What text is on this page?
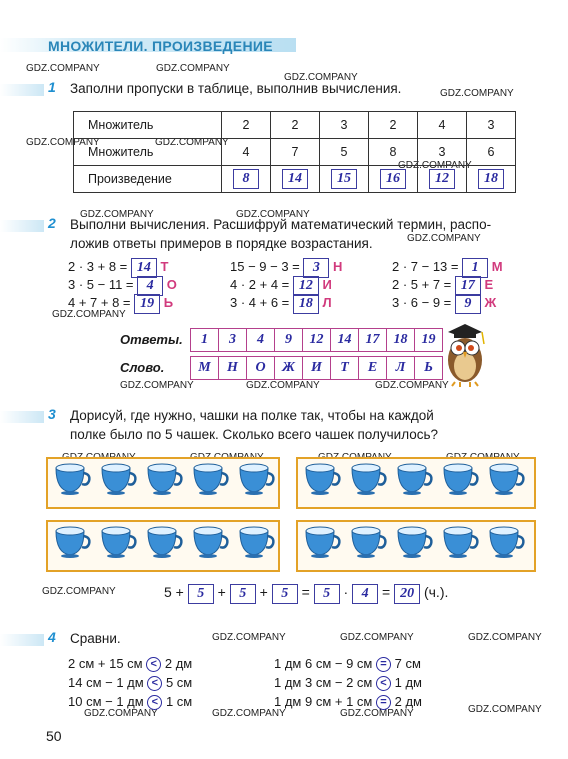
МНОЖИТЕЛИ. ПРОИЗВЕДЕНИЕ
GDZ.COMPANY	GDZ.COMPANY
GDZ.COMPANY
GDZ.COMPANY
GDZ.COMPANY	GDZ.COMPANY
GDZ.COMPANY
GDZ.COMPANY	GDZ.COMPANY
GDZ.COMPANY
GDZ.COMPANY
GDZ.COMPANY	GDZ.COMPANY	GDZ.COMPANY
GDZ.COMPANY
GDZ.COMPANY	GDZ.COMPANY	GDZ.COMPANY
GDZ.COMPANY	GDZ.COMPANY	GDZ.COMPANY	GDZ.COMPANY
1 Заполни пропуски в таблице, выполнив вычисления.
Множитель	2	2	3	2	4	3
Множитель	4	7	5	8	3	6
Произведение	8	14	15	16	12	18
2 Выполни вычисления. Расшифруй математический термин, распо-
ложив ответы примеров в порядке возрастания.
2 · 3 + 8 = 14 Т
3 · 5 − 11 = 4 О
4 + 7 + 8 = 19 Ь
15 − 9 − 3 = 3 Н
4 · 2 + 4 = 12 И
3 · 4 + 6 = 18 Л
2 · 7 − 13 = 1 М
2 · 5 + 7 = 17 Е
3 · 6 − 9 = 9 Ж
Ответы.	1	3	4	9	12	14	17	18	19
Слово.	М	Н	О	Ж	И	Т	Е	Л	Ь
3 Дорисуй, где нужно, чашки на полке так, чтобы на каждой
полке было по 5 чашек. Сколько всего чашек получилось?
5 + 5 + 5 + 5 = 5 · 4 = 20 (ч.).
4 Сравни.
2 см + 15 см < 2 дм
14 см − 1 дм < 5 см
10 см − 1 дм < 1 см
1 дм 6 см − 9 см = 7 см
1 дм 3 см − 2 см < 1 дм
1 дм 9 см + 1 см = 2 дм
50
